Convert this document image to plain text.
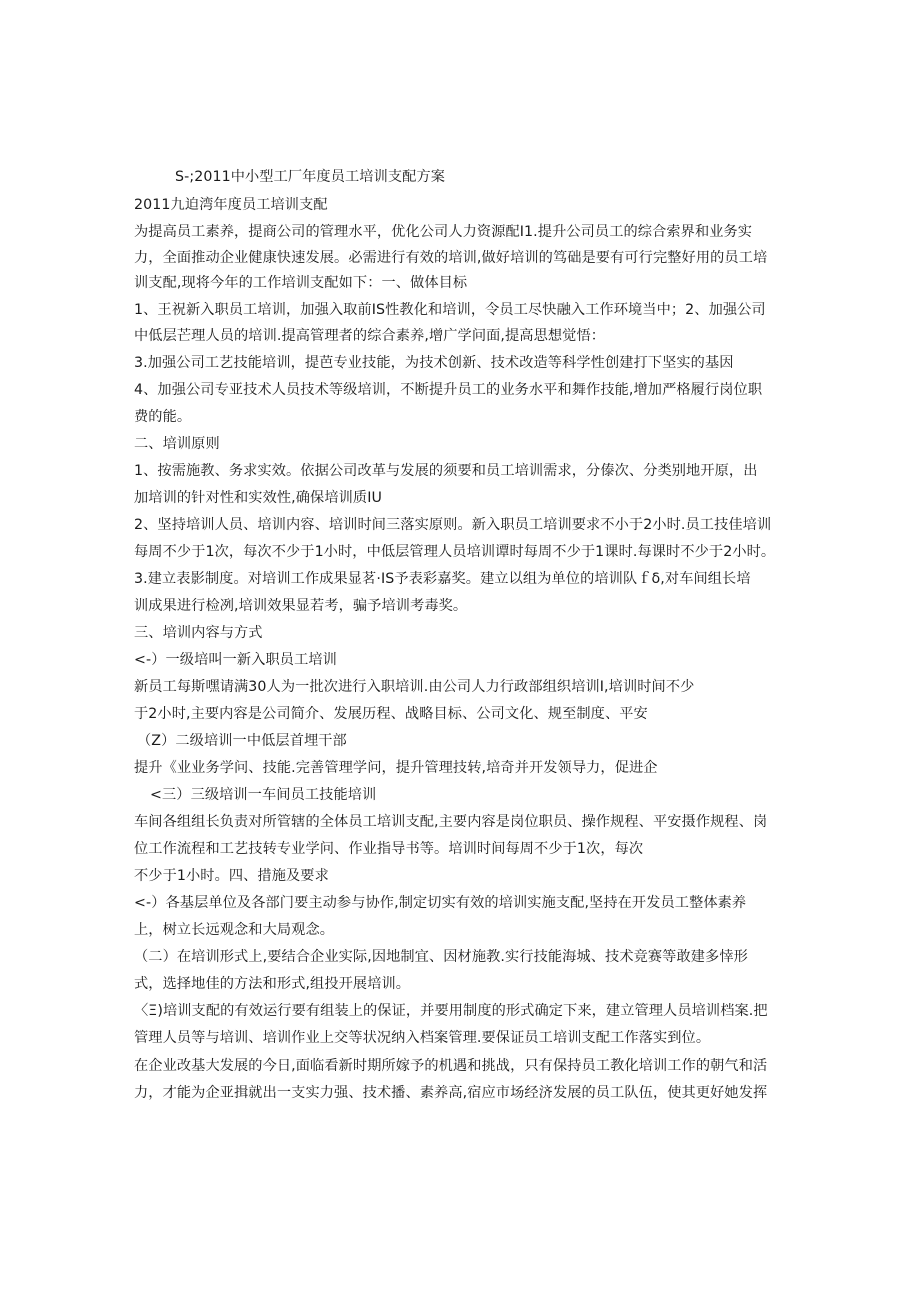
S-;2011中小型工厂年度员工培训支配方案
2011九迫湾年度员工培训支配
为提高员工素养，提商公司的管理水平，优化公司人力资源配I1.提升公司员工的综合索界和业务实
力，全面推动企业健康快速发展。必需进行有效的培训,做好培训的笃础是要有可行完整好用的员工培
训支配,现将今年的工作培训支配如下：一、做体目标
1、王祝新入职员工培训，加强入取前IS性教化和培训，令员工尽快融入工作环境当中；2、加强公司
中低层芒理人员的培训.提高管理者的综合素养,增广学问面,提高思想觉悟：
3.加强公司工艺技能培训，提芭专业技能，为技术创新、技术改造等科学性创建打下坚实的基因
4、加强公司专亚技术人员技术等级培训，不断提升员工的业务水平和舞作技能,增加严格履行岗位职
费的能。
二、培训原则
1、按需施教、务求实效。依据公司改革与发展的须要和员工培训需求，分傣次、分类别地开原，出
加培训的针对性和实效性,确保培训质IU
2、坚持培训人员、培训内容、培训时间三落实原则。新入职员工培训要求不小于2小时.员工技佳培训
每周不少于1次，每次不少于1小时，中低层管理人员培训谭时每周不少于1课时.每课时不少于2小时。
3.建立表影制度。对培训工作成果显茗·IS予表彩嘉奖。建立以组为单位的培训队ｆδ,对车间组长培
训成果进行检冽,培训效果显若考，骗予培训考毒奖。
三、培训内容与方式
<-）一级培叫一新入职员工培训
新员工每斯嘿请满30人为一批次进行入职培训.由公司人力行政部组织培训I,培训时间不少
于2小时,主要内容是公司简介、发展历程、战略目标、公司文化、规至制度、平安
（Z）二级培训一中低层首埋干部
提升《业业务学问、技能.完善管理学问，提升管理技转,培奇并开发领导力，促进企
<三）三级培训一车间员工技能培训
车间各组组长负责对所管辖的全体员工培训支配,主要内容是岗位职员、操作规程、平安摄作规程、岗
位工作流程和工艺技转专业学问、作业指导书等。培训时间每周不少于1次，每次
不少于1小时。四、措施及要求
<-）各基层单位及各部门要主动参与协作,制定切实有效的培训实施支配,坚持在开发员工整体素养
上，树立长远观念和大局观念。
（二）在培训形式上,要结合企业实际,因地制宜、因材施教.实行技能海城、技术竞赛等敢建多悻形
式，选择地佳的方法和形式,组投开展培训。
〈Ξ)培训支配的有效运行要有组装上的保证，并要用制度的形式确定下来，建立管理人员培训档案.把
管理人员等与培训、培训作业上交等状况纳入档案管理.要保证员工培训支配工作落实到位。
在企业改基大发展的今日,面临看新时期所嫁予的机遇和挑战，只有保持员工教化培训工作的朝气和活
力，才能为企亚揖就出一支实力强、技术播、素养高,宿应市场经济发展的员工队伍，使其更好她发挥
